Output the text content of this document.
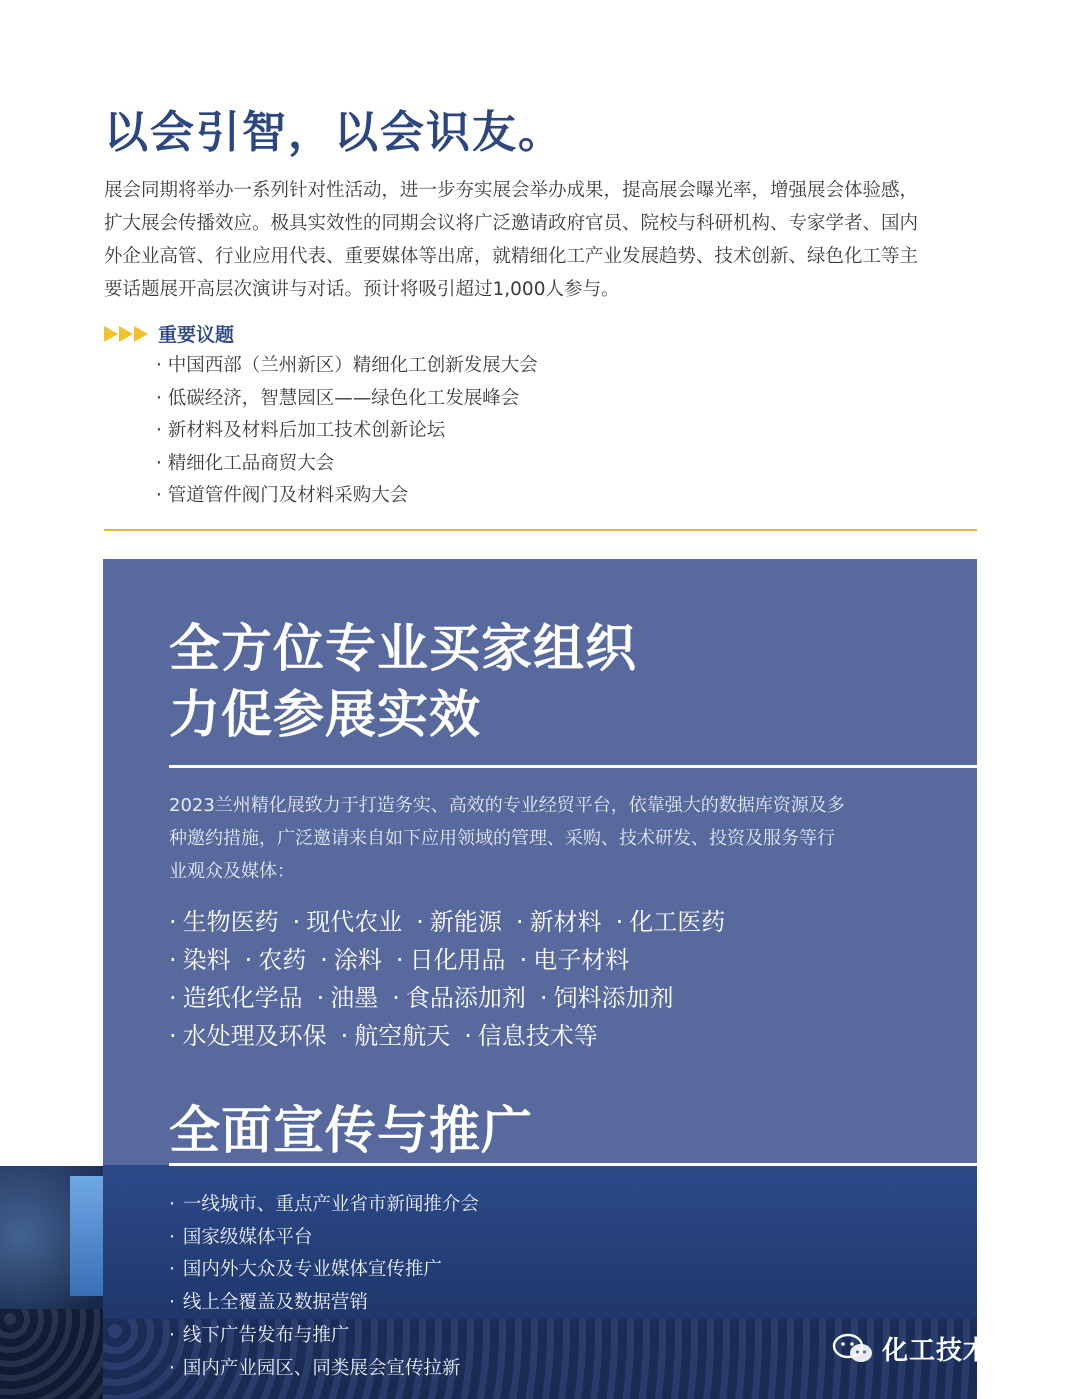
以会引智，以会识友。
展会同期将举办一系列针对性活动，进一步夯实展会举办成果，提高展会曝光率，增强展会体验感，
扩大展会传播效应。极具实效性的同期会议将广泛邀请政府官员、院校与科研机构、专家学者、国内
外企业高管、行业应用代表、重要媒体等出席，就精细化工产业发展趋势、技术创新、绿色化工等主
要话题展开高层次演讲与对话。预计将吸引超过1,000人参与。
重要议题
· 中国西部（兰州新区）精细化工创新发展大会
· 低碳经济，智慧园区——绿色化工发展峰会
· 新材料及材料后加工技术创新论坛
· 精细化工品商贸大会
· 管道管件阀门及材料采购大会
全方位专业买家组织
力促参展实效
2023兰州精化展致力于打造务实、高效的专业经贸平台，依靠强大的数据库资源及多
种邀约措施，广泛邀请来自如下应用领域的管理、采购、技术研发、投资及服务等行
业观众及媒体：
· 生物医药	· 现代农业	· 新能源	· 新材料	· 化工医药
· 染料	· 农药	· 涂料	· 日化用品	· 电子材料
· 造纸化学品	· 油墨	· 食品添加剂	· 饲料添加剂
· 水处理及环保	· 航空航天	· 信息技术等
全面宣传与推广
· 一线城市、重点产业省市新闻推介会
· 国家级媒体平台
· 国内外大众及专业媒体宣传推广
· 线上全覆盖及数据营销
· 线下广告发布与推广
· 国内产业园区、同类展会宣传拉新
化工技术资讯
